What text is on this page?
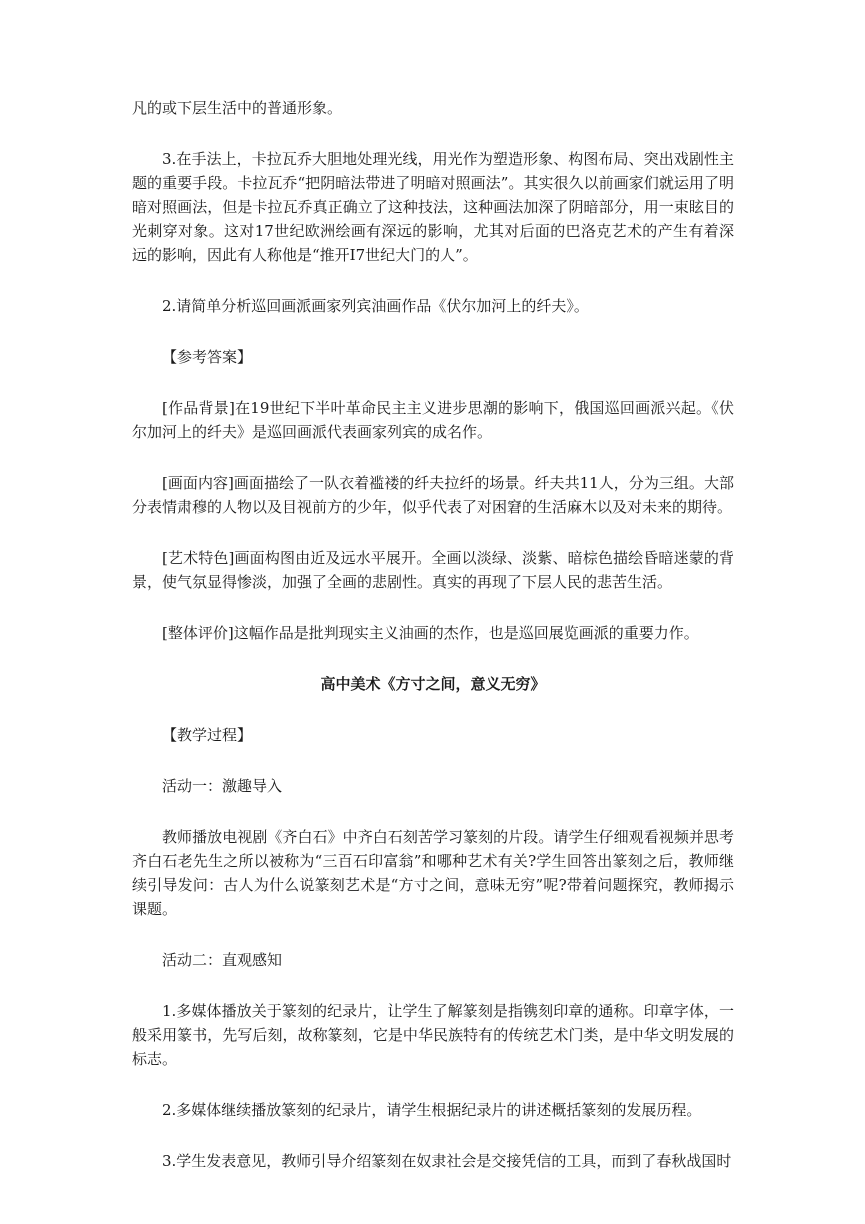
凡的或下层生活中的普通形象。

3.在手法上，卡拉瓦乔大胆地处理光线，用光作为塑造形象、构图布局、突出戏剧性主题的重要手段。卡拉瓦乔“把阴暗法带进了明暗对照画法”。其实很久以前画家们就运用了明暗对照画法，但是卡拉瓦乔真正确立了这种技法，这种画法加深了阴暗部分，用一束眩目的光刺穿对象。这对17世纪欧洲绘画有深远的影响，尤其对后面的巴洛克艺术的产生有着深远的影响，因此有人称他是“推开I7世纪大门的人”。

2.请简单分析巡回画派画家列宾油画作品《伏尔加河上的纤夫》。

【参考答案】

[作品背景]在19世纪下半叶革命民主主义进步思潮的影响下，俄国巡回画派兴起。《伏尔加河上的纤夫》是巡回画派代表画家列宾的成名作。

[画面内容]画面描绘了一队衣着褴褛的纤夫拉纤的场景。纤夫共11人，分为三组。大部分表情肃穆的人物以及目视前方的少年，似乎代表了对困窘的生活麻木以及对未来的期待。

[艺术特色]画面构图由近及远水平展开。全画以淡绿、淡紫、暗棕色描绘昏暗迷蒙的背景，使气氛显得惨淡，加强了全画的悲剧性。真实的再现了下层人民的悲苦生活。

[整体评价]这幅作品是批判现实主义油画的杰作，也是巡回展览画派的重要力作。

高中美术《方寸之间，意义无穷》

【教学过程】

活动一：激趣导入

教师播放电视剧《齐白石》中齐白石刻苦学习篆刻的片段。请学生仔细观看视频并思考齐白石老先生之所以被称为“三百石印富翁”和哪种艺术有关?学生回答出篆刻之后，教师继续引导发问：古人为什么说篆刻艺术是“方寸之间，意味无穷”呢?带着问题探究，教师揭示课题。

活动二：直观感知

1.多媒体播放关于篆刻的纪录片，让学生了解篆刻是指镌刻印章的通称。印章字体，一般采用篆书，先写后刻，故称篆刻，它是中华民族特有的传统艺术门类，是中华文明发展的标志。

2.多媒体继续播放篆刻的纪录片，请学生根据纪录片的讲述概括篆刻的发展历程。

3.学生发表意见，教师引导介绍篆刻在奴隶社会是交接凭信的工具，而到了春秋战国时
